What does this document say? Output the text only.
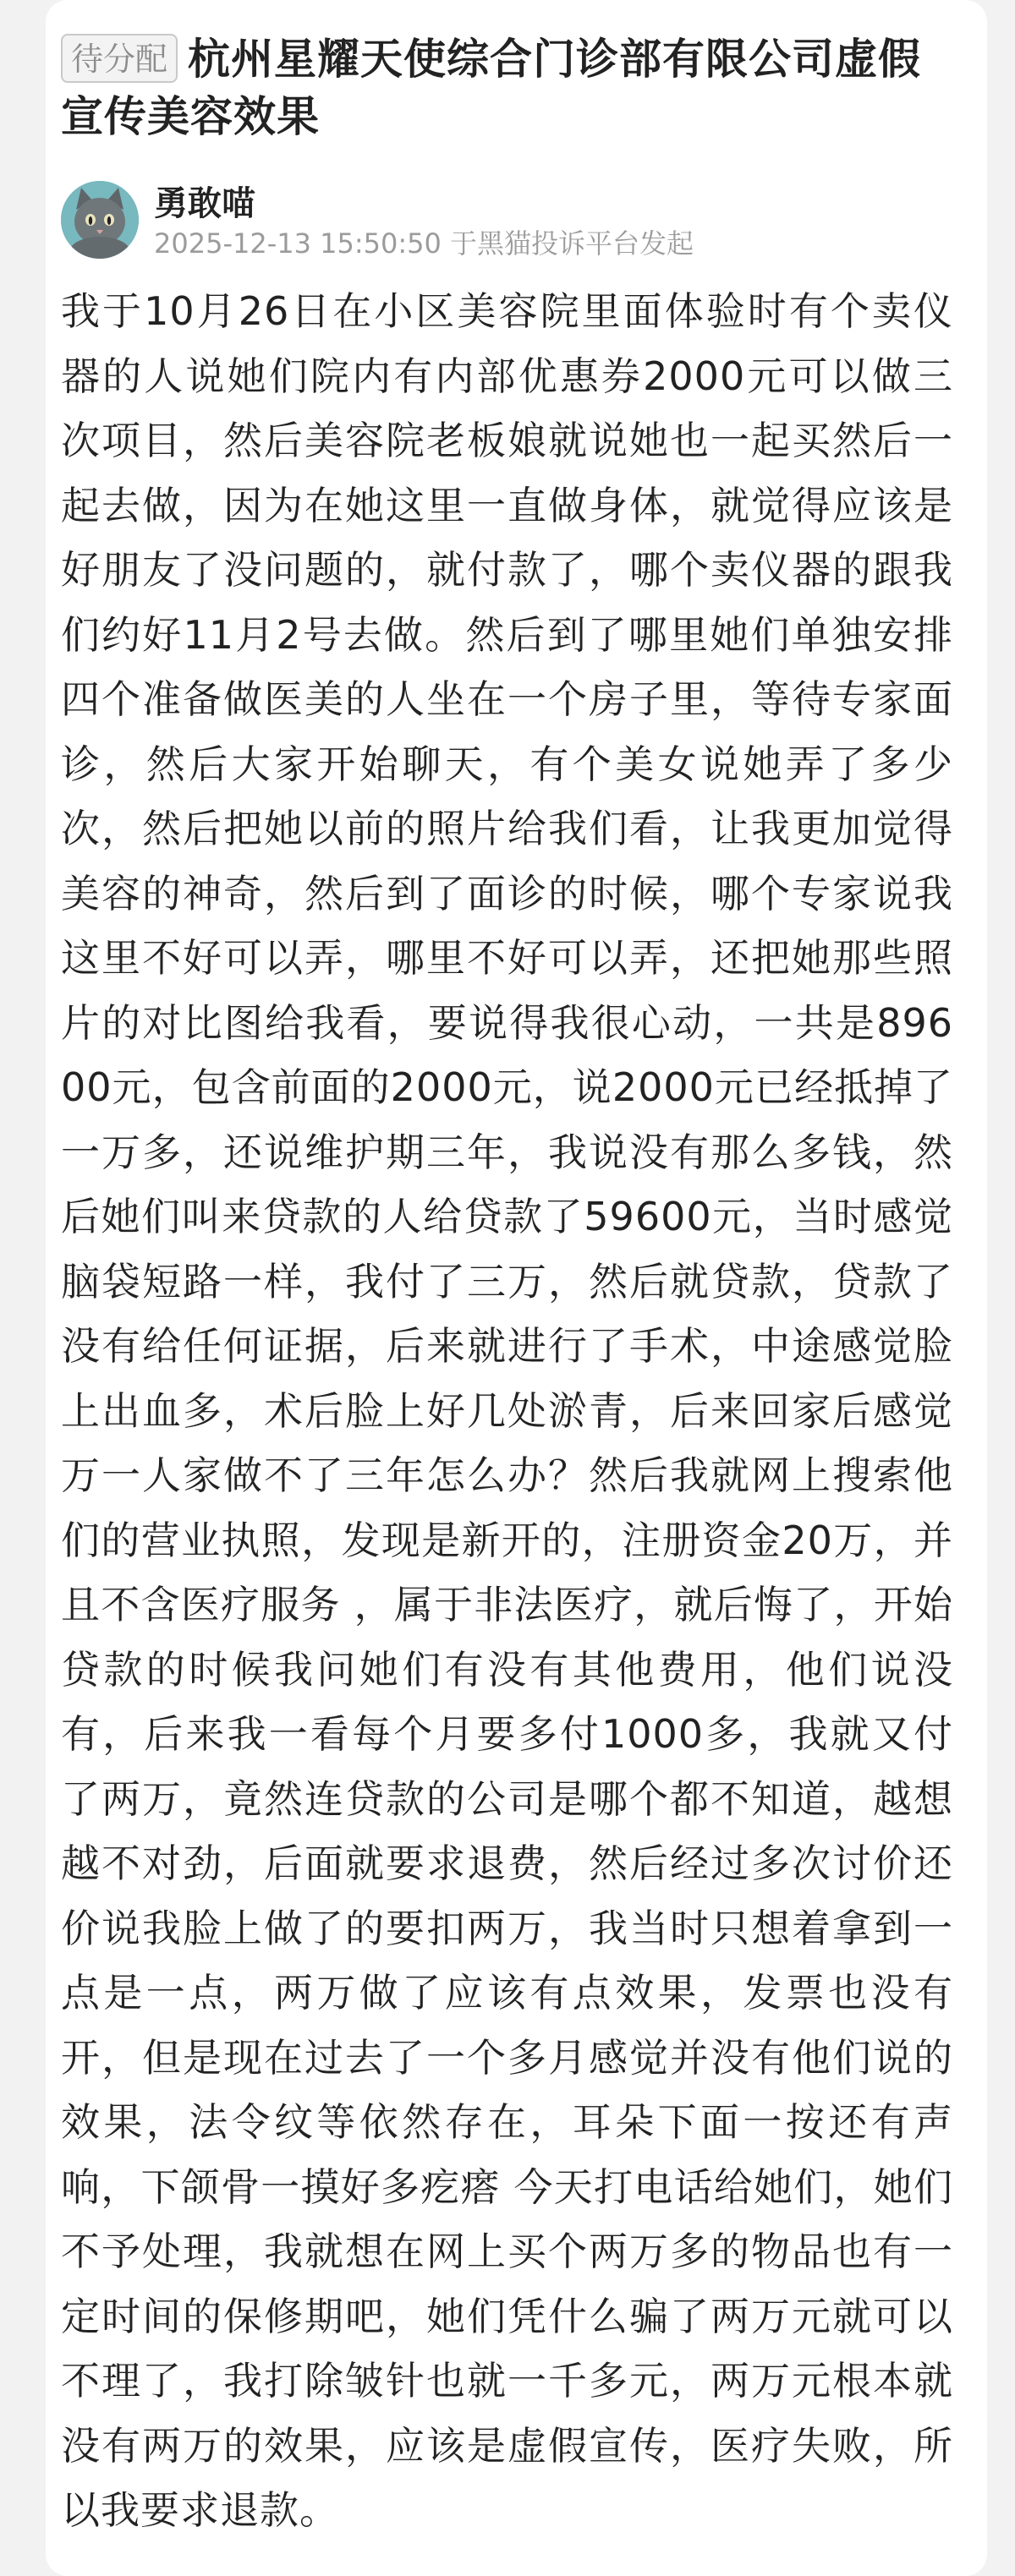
待分配 杭州星耀天使综合门诊部有限公司虚假宣传美容效果
勇敢喵
2025-12-13 15:50:50 于黑猫投诉平台发起
我于10月26日在小区美容院里面体验时有个卖仪器的人说她们院内有内部优惠券2000元可以做三次项目，然后美容院老板娘就说她也一起买然后一起去做，因为在她这里一直做身体，就觉得应该是好朋友了没问题的，就付款了，哪个卖仪器的跟我们约好11月2号去做。然后到了哪里她们单独安排四个准备做医美的人坐在一个房子里，等待专家面诊，然后大家开始聊天，有个美女说她弄了多少次，然后把她以前的照片给我们看，让我更加觉得美容的神奇，然后到了面诊的时候，哪个专家说我这里不好可以弄，哪里不好可以弄，还把她那些照片的对比图给我看，要说得我很心动，一共是89600元，包含前面的2000元，说2000元已经抵掉了一万多，还说维护期三年，我说没有那么多钱，然后她们叫来贷款的人给贷款了59600元，当时感觉脑袋短路一样，我付了三万，然后就贷款，贷款了没有给任何证据，后来就进行了手术，中途感觉脸上出血多，术后脸上好几处淤青，后来回家后感觉万一人家做不了三年怎么办？然后我就网上搜索他们的营业执照，发现是新开的，注册资金20万，并且不含医疗服务 ，属于非法医疗，就后悔了，开始贷款的时候我问她们有没有其他费用，他们说没有，后来我一看每个月要多付1000多，我就又付了两万，竟然连贷款的公司是哪个都不知道，越想越不对劲，后面就要求退费，然后经过多次讨价还价说我脸上做了的要扣两万，我当时只想着拿到一点是一点，两万做了应该有点效果，发票也没有开，但是现在过去了一个多月感觉并没有他们说的效果，法令纹等依然存在，耳朵下面一按还有声响，下颌骨一摸好多疙瘩 今天打电话给她们，她们不予处理，我就想在网上买个两万多的物品也有一定时间的保修期吧，她们凭什么骗了两万元就可以不理了，我打除皱针也就一千多元，两万元根本就没有两万的效果，应该是虚假宣传，医疗失败，所以我要求退款。
